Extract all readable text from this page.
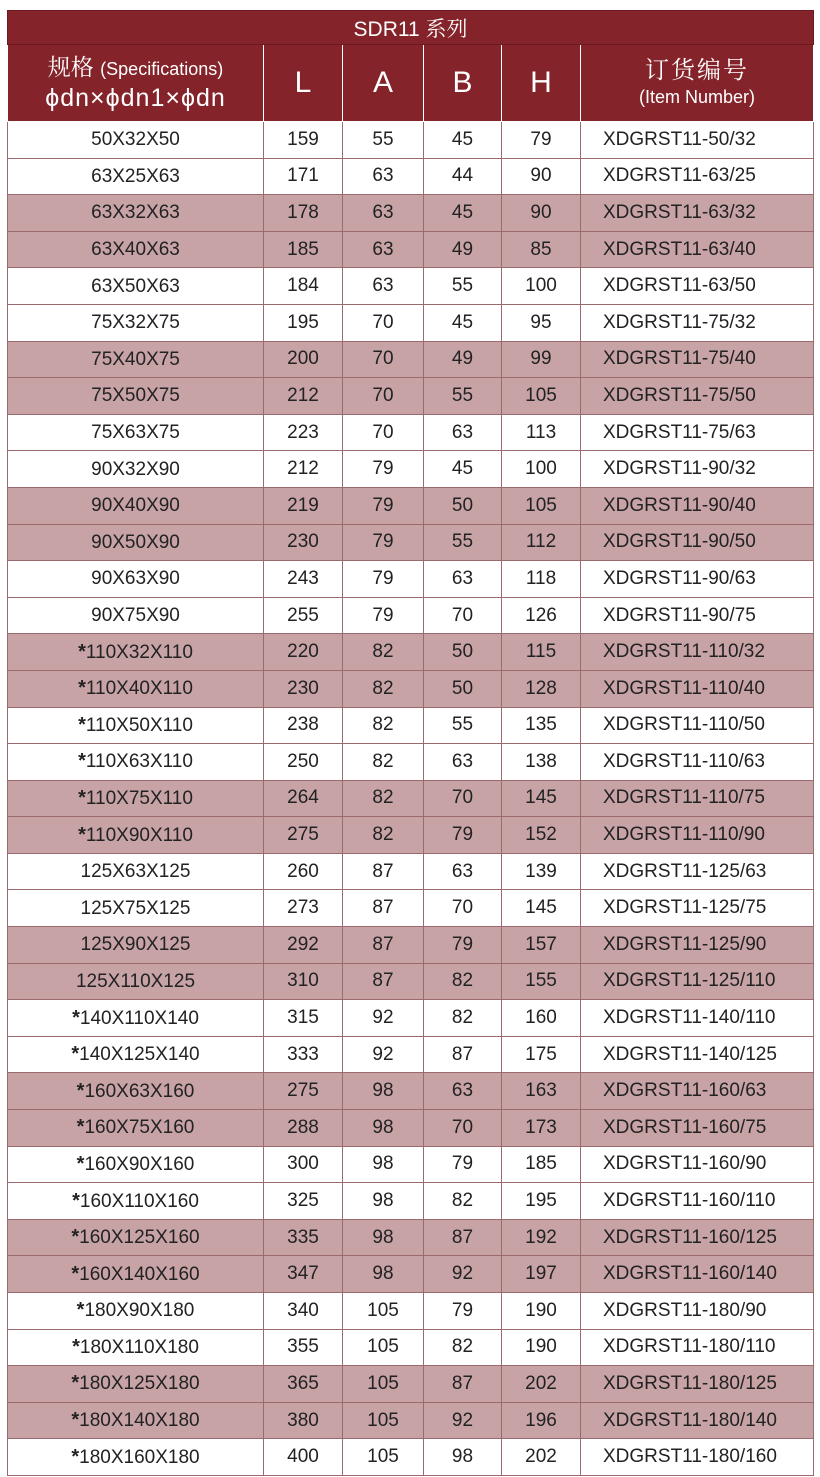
SDR11 系列					

规格 (Specifications)
ϕdn×ϕdn1×ϕdn	L	A	B	H	订货编号
(Item Number)

50X32X50	159	55	45	79	XDGRST11-50/32
63X25X63	171	63	44	90	XDGRST11-63/25
63X32X63	178	63	45	90	XDGRST11-63/32
63X40X63	185	63	49	85	XDGRST11-63/40
63X50X63	184	63	55	100	XDGRST11-63/50
75X32X75	195	70	45	95	XDGRST11-75/32
75X40X75	200	70	49	99	XDGRST11-75/40
75X50X75	212	70	55	105	XDGRST11-75/50
75X63X75	223	70	63	113	XDGRST11-75/63
90X32X90	212	79	45	100	XDGRST11-90/32
90X40X90	219	79	50	105	XDGRST11-90/40
90X50X90	230	79	55	112	XDGRST11-90/50
90X63X90	243	79	63	118	XDGRST11-90/63
90X75X90	255	79	70	126	XDGRST11-90/75
*110X32X110	220	82	50	115	XDGRST11-110/32
*110X40X110	230	82	50	128	XDGRST11-110/40
*110X50X110	238	82	55	135	XDGRST11-110/50
*110X63X110	250	82	63	138	XDGRST11-110/63
*110X75X110	264	82	70	145	XDGRST11-110/75
*110X90X110	275	82	79	152	XDGRST11-110/90
125X63X125	260	87	63	139	XDGRST11-125/63
125X75X125	273	87	70	145	XDGRST11-125/75
125X90X125	292	87	79	157	XDGRST11-125/90
125X110X125	310	87	82	155	XDGRST11-125/110
*140X110X140	315	92	82	160	XDGRST11-140/110
*140X125X140	333	92	87	175	XDGRST11-140/125
*160X63X160	275	98	63	163	XDGRST11-160/63
*160X75X160	288	98	70	173	XDGRST11-160/75
*160X90X160	300	98	79	185	XDGRST11-160/90
*160X110X160	325	98	82	195	XDGRST11-160/110
*160X125X160	335	98	87	192	XDGRST11-160/125
*160X140X160	347	98	92	197	XDGRST11-160/140
*180X90X180	340	105	79	190	XDGRST11-180/90
*180X110X180	355	105	82	190	XDGRST11-180/110
*180X125X180	365	105	87	202	XDGRST11-180/125
*180X140X180	380	105	92	196	XDGRST11-180/140
*180X160X180	400	105	98	202	XDGRST11-180/160
